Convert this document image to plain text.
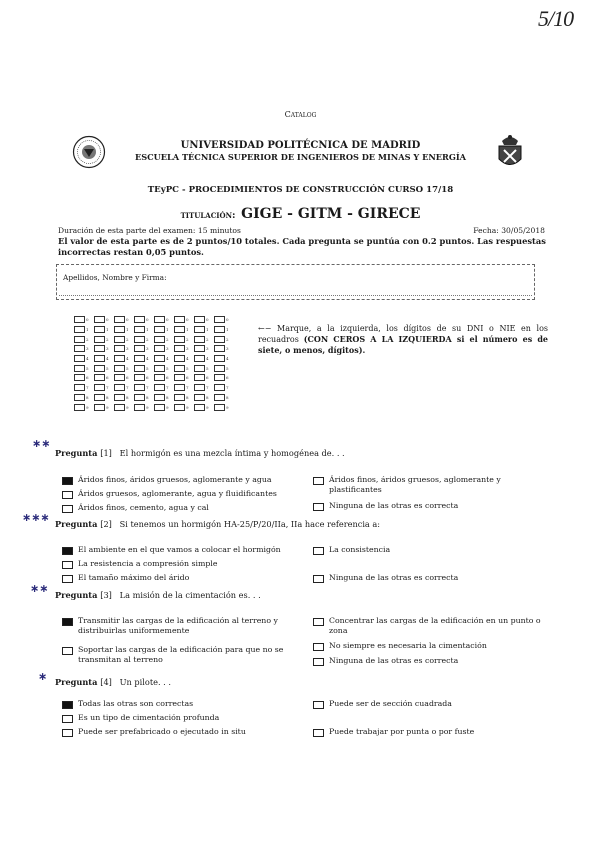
5/10
Catalog
UNIVERSIDAD POLITÉCNICA DE MADRID
ESCUELA TÉCNICA SUPERIOR DE INGENIEROS DE MINAS Y ENERGÍA
TEyPC - PROCEDIMIENTOS DE CONSTRUCCIÓN CURSO 17/18
titulación: GIGE - GITM - GIRECE
Duración de esta parte del examen: 15 minutos	Fecha: 30/05/2018
El valor de esta parte es de 2 puntos/10 totales. Cada pregunta se puntúa con 0.2 puntos. Las respuestas incorrectas restan 0,05 puntos.
Apellidos, Nombre y Firma:
0	0	0	0	0	0	0	0
1	1	1	1	1	1	1	1
2	2	2	2	2	2	2	2
3	3	3	3	3	3	3	3
4	4	4	4	4	4	4	4
5	5	5	5	5	5	5	5
6	6	6	6	6	6	6	6
7	7	7	7	7	7	7	7
8	8	8	8	8	8	8	8
9	9	9	9	9	9	9	9
←− Marque, a la izquierda, los dígitos de su DNI o NIE en los recuadros (CON CEROS A LA IZQUIERDA si el número es de siete, o menos, dígitos).
∗∗
Pregunta [1]   El hormigón es una mezcla íntima y homogénea de. . .
Áridos finos, áridos gruesos, aglomerante y agua
Áridos gruesos, aglomerante, agua y fluidificantes
Áridos finos, cemento, agua y cal
Áridos finos, áridos gruesos, aglomerante y plastificantes
Ninguna de las otras es correcta
∗∗∗ Pregunta [2]   Si tenemos un hormigón HA-25/P/20/IIa, IIa hace referencia a:
El ambiente en el que vamos a colocar el hormigón
La resistencia a compresión simple
El tamaño máximo del árido
La consistencia
Ninguna de las otras es correcta
∗∗ Pregunta [3]   La misión de la cimentación es. . .
Transmitir las cargas de la edificación al terreno y distribuirlas uniformemente
Soportar las cargas de la edificación para que no se transmitan al terreno
Concentrar las cargas de la edificación en un punto o zona
No siempre es necesaria la cimentación
Ninguna de las otras es correcta
∗ Pregunta [4]   Un pilote. . .
Todas las otras son correctas
Es un tipo de cimentación profunda
Puede ser prefabricado o ejecutado in situ
Puede ser de sección cuadrada
Puede trabajar por punta o por fuste
